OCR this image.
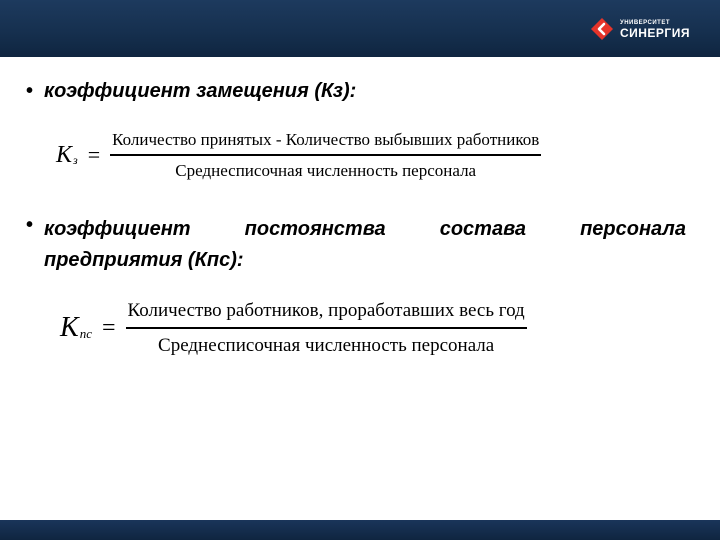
УНИВЕРСИТЕТ
СИНЕРГИЯ
• коэффициент замещения (Кз):
K $з = \frac{\text{Количество принятых - Количество выбывших работников}}{\text{Среднесписочная численность персонала}}$
• коэффициент постоянства состава персонала
предприятия (Кпс):
K пс = $\frac{\text{Количество работников, проработавших весь год}}{\text{Среднесписочная численность персонала}}$
